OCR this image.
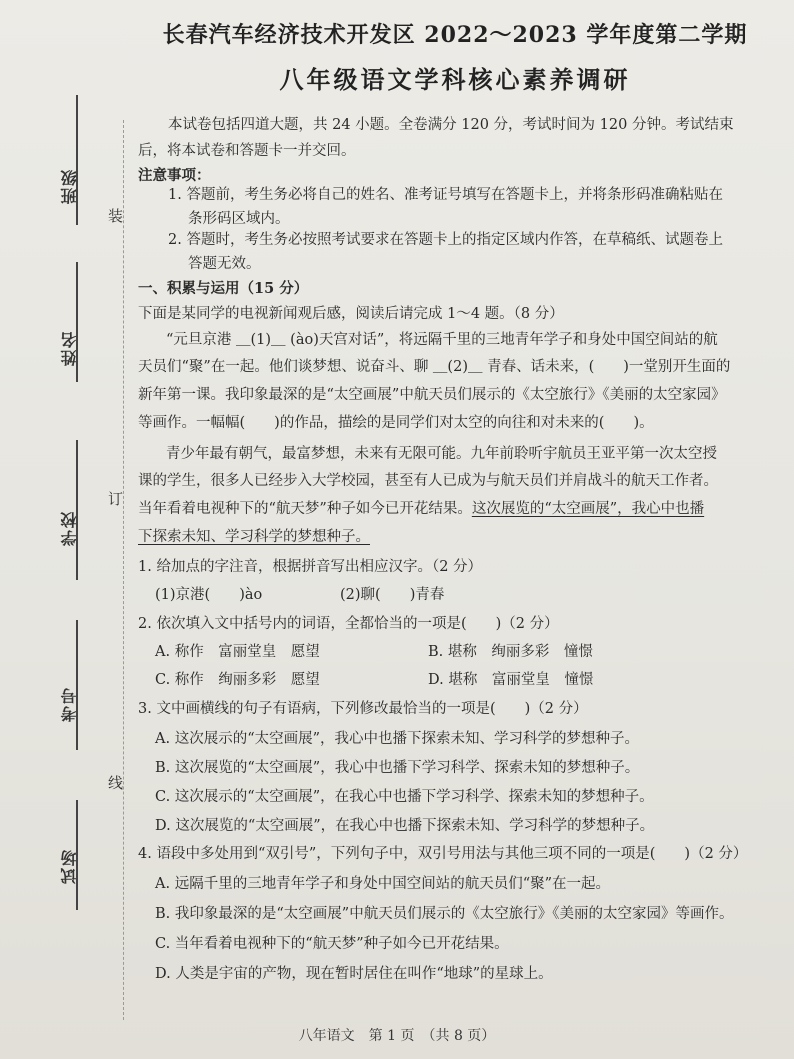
班级
姓名
学校
考号
试场
装
订
线
长春汽车经济技术开发区 2022～2023 学年度第二学期
八年级语文学科核心素养调研
本试卷包括四道大题，共 24 小题。全卷满分 120 分，考试时间为 120 分钟。考试结束
后，将本试卷和答题卡一并交回。
注意事项：
1. 答题前，考生务必将自己的姓名、准考证号填写在答题卡上，并将条形码准确粘贴在
条形码区域内。
2. 答题时，考生务必按照考试要求在答题卡上的指定区域内作答，在草稿纸、试题卷上
答题无效。
一、积累与运用（15 分）
下面是某同学的电视新闻观后感，阅读后请完成 1～4 题。（8 分）
“元旦京港 ＿(1)＿ (ào)天宫对话”，将远隔千里的三地青年学子和身处中国空间站的航
天员们“聚”在一起。他们谈梦想、说奋斗、聊 ＿(2)＿ 青春、话未来，(　　)一堂别开生面的
新年第一课。我印象最深的是“太空画展”中航天员们展示的《太空旅行》《美丽的太空家园》
等画作。一幅幅(　　)的作品，描绘的是同学们对太空的向往和对未来的(　　)。
青少年最有朝气，最富梦想，未来有无限可能。九年前聆听宇航员王亚平第一次太空授
课的学生，很多人已经步入大学校园，甚至有人已成为与航天员们并肩战斗的航天工作者。
当年看着电视种下的“航天梦”种子如今已开花结果。这次展览的“太空画展”，我心中也播
下探索未知、学习科学的梦想种子。
1. 给加点的字注音，根据拼音写出相应汉字。（2 分）
(1)京港(　　)ào	(2)聊(　　)青春
2. 依次填入文中括号内的词语，全都恰当的一项是(　　)（2 分）
A. 称作　富丽堂皇　愿望	B. 堪称　绚丽多彩　憧憬
C. 称作　绚丽多彩　愿望	D. 堪称　富丽堂皇　憧憬
3. 文中画横线的句子有语病，下列修改最恰当的一项是(　　)（2 分）
A. 这次展示的“太空画展”，我心中也播下探索未知、学习科学的梦想种子。
B. 这次展览的“太空画展”，我心中也播下学习科学、探索未知的梦想种子。
C. 这次展示的“太空画展”，在我心中也播下学习科学、探索未知的梦想种子。
D. 这次展览的“太空画展”，在我心中也播下探索未知、学习科学的梦想种子。
4. 语段中多处用到“双引号”，下列句子中，双引号用法与其他三项不同的一项是(　　)（2 分）
A. 远隔千里的三地青年学子和身处中国空间站的航天员们“聚”在一起。
B. 我印象最深的是“太空画展”中航天员们展示的《太空旅行》《美丽的太空家园》等画作。
C. 当年看着电视种下的“航天梦”种子如今已开花结果。
D. 人类是宇宙的产物，现在暂时居住在叫作“地球”的星球上。
八年语文　第 1 页　（共 8 页）
